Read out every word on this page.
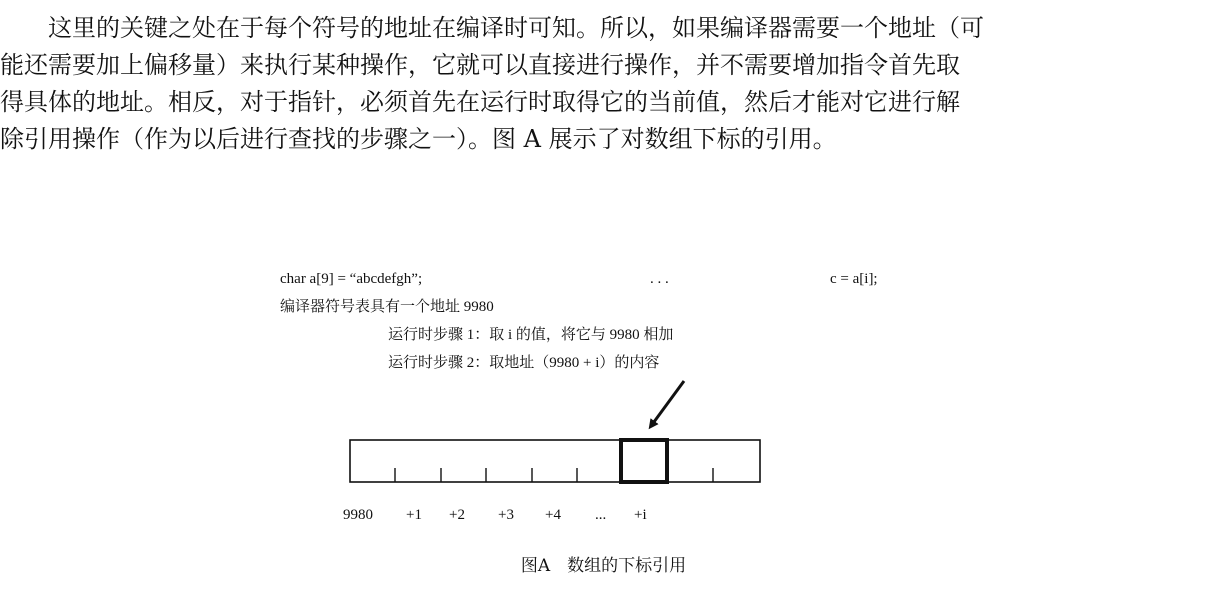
这里的关键之处在于每个符号的地址在编译时可知。所以，如果编译器需要一个地址（可
能还需要加上偏移量）来执行某种操作，它就可以直接进行操作，并不需要增加指令首先取
得具体的地址。相反，对于指针，必须首先在运行时取得它的当前值，然后才能对它进行解
除引用操作（作为以后进行查找的步骤之一）。图 A 展示了对数组下标的引用。
char a[9] = “abcdefgh”;	. . .	c = a[i];
编译器符号表具有一个地址 9980
运行时步骤 1：取 i 的值，将它与 9980 相加
运行时步骤 2：取地址（9980 + i）的内容
9980 +1 +2 +3 +4 ... +i
图A　数组的下标引用
